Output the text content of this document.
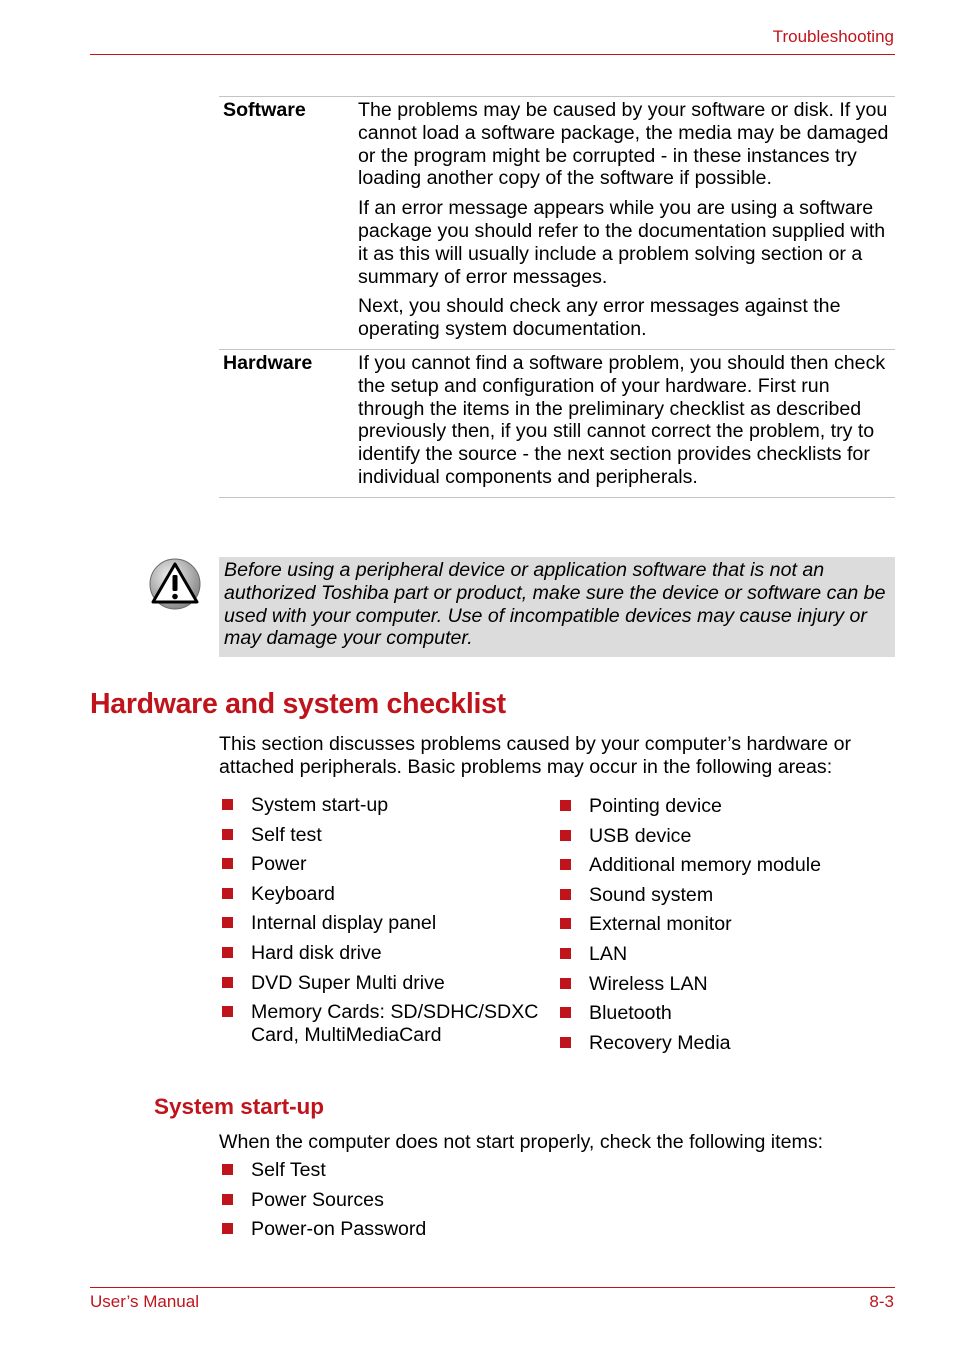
Troubleshooting
Software	The problems may be caused by your software or disk. If you cannot load a software package, the media may be damaged or the program might be corrupted - in these instances try loading another copy of the software if possible.

If an error message appears while you are using a software package you should refer to the documentation supplied with it as this will usually include a problem solving section or a summary of error messages.

Next, you should check any error messages against the operating system documentation.

Hardware	If you cannot find a software problem, you should then check the setup and configuration of your hardware. First run through the items in the preliminary checklist as described previously then, if you still cannot correct the problem, try to identify the source - the next section provides checklists for individual components and peripherals.

Before using a peripheral device or application software that is not an authorized Toshiba part or product, make sure the device or software can be used with your computer. Use of incompatible devices may cause injury or may damage your computer.
Hardware and system checklist
This section discusses problems caused by your computer’s hardware or attached peripherals. Basic problems may occur in the following areas:
System start-up
Self test
Power
Keyboard
Internal display panel
Hard disk drive
DVD Super Multi drive
Memory Cards: SD/SDHC/SDXC Card, MultiMediaCard
Pointing device
USB device
Additional memory module
Sound system
External monitor
LAN
Wireless LAN
Bluetooth
Recovery Media
System start-up
When the computer does not start properly, check the following items:
Self Test
Power Sources
Power-on Password
User’s Manual	8-3
